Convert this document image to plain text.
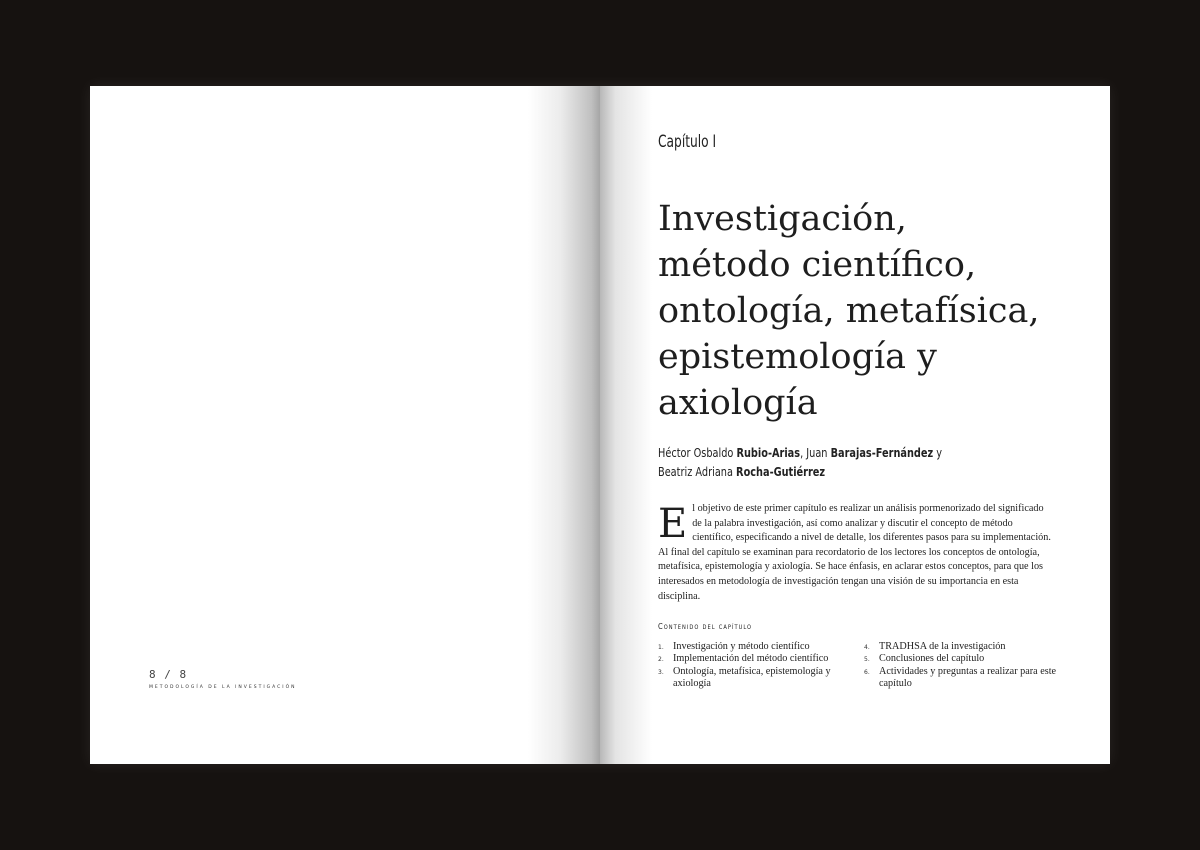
8 / 8
METODOLOGÍA DE LA INVESTIGACIÓN
Capítulo I
Investigación,
método científico,
ontología, metafísica,
epistemología y
axiología
Héctor Osbaldo Rubio-Arias, Juan Barajas-Fernández y
Beatriz Adriana Rocha-Gutiérrez

El objetivo de este primer capítulo es realizar un análisis pormenorizado del significado de la palabra investigación, así como analizar y discutir el concepto de método científico, especificando a nivel de detalle, los diferentes pasos para su implementación. Al final del capítulo se examinan para recordatorio de los lectores los conceptos de ontología, metafísica, epistemología y axiología. Se hace énfasis, en aclarar estos conceptos, para que los interesados en metodología de investigación tengan una visión de su importancia en esta disciplina.

Contenido del capítulo
1. Investigación y método científico
2. Implementación del método científico
3. Ontología, metafísica, epistemología y axiología
4. TRADHSA de la investigación
5. Conclusiones del capítulo
6. Actividades y preguntas a realizar para este capítulo
